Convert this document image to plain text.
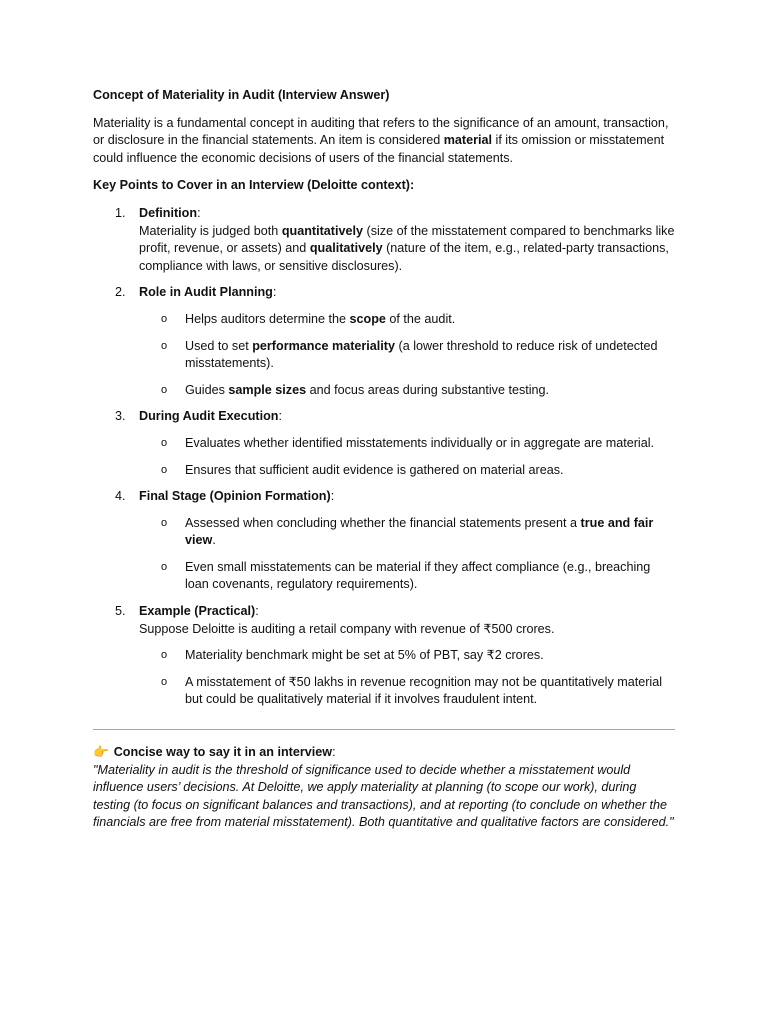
Concept of Materiality in Audit (Interview Answer)

Materiality is a fundamental concept in auditing that refers to the significance of an amount, transaction, or disclosure in the financial statements. An item is considered material if its omission or misstatement could influence the economic decisions of users of the financial statements.

Key Points to Cover in an Interview (Deloitte context):

1. Definition:
Materiality is judged both quantitatively (size of the misstatement compared to benchmarks like profit, revenue, or assets) and qualitatively (nature of the item, e.g., related-party transactions, compliance with laws, or sensitive disclosures).
2. Role in Audit Planning:
o Helps auditors determine the scope of the audit.
o Used to set performance materiality (a lower threshold to reduce risk of undetected misstatements).
o Guides sample sizes and focus areas during substantive testing.
3. During Audit Execution:
o Evaluates whether identified misstatements individually or in aggregate are material.
o Ensures that sufficient audit evidence is gathered on material areas.
4. Final Stage (Opinion Formation):
o Assessed when concluding whether the financial statements present a true and fair view.
o Even small misstatements can be material if they affect compliance (e.g., breaching loan covenants, regulatory requirements).
5. Example (Practical):
Suppose Deloitte is auditing a retail company with revenue of ₹500 crores.
o Materiality benchmark might be set at 5% of PBT, say ₹2 crores.
o A misstatement of ₹50 lakhs in revenue recognition may not be quantitatively material but could be qualitatively material if it involves fraudulent intent.

👉 Concise way to say it in an interview:

"Materiality in audit is the threshold of significance used to decide whether a misstatement would influence users’ decisions. At Deloitte, we apply materiality at planning (to scope our work), during testing (to focus on significant balances and transactions), and at reporting (to conclude on whether the financials are free from material misstatement). Both quantitative and qualitative factors are considered."
